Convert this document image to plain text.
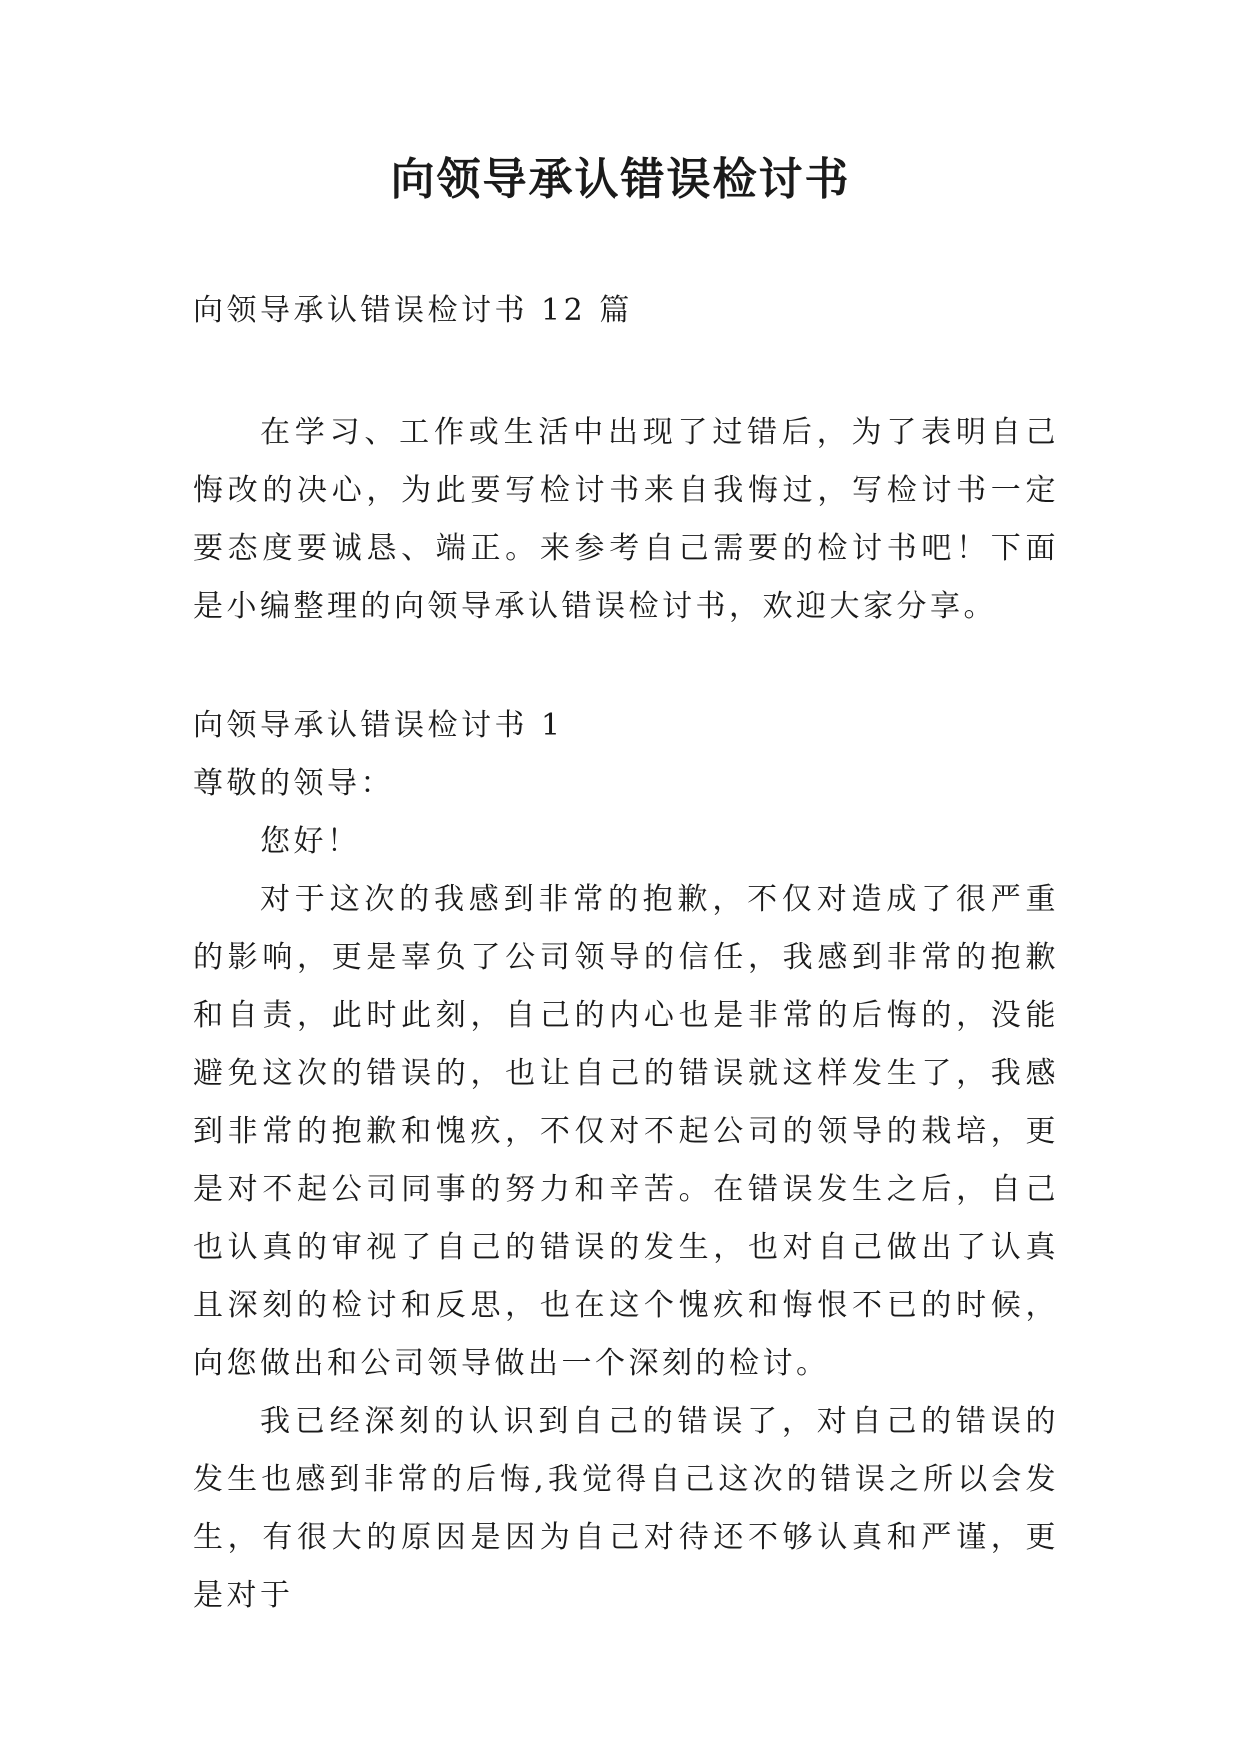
向领导承认错误检讨书

向领导承认错误检讨书 12 篇

在学习、工作或生活中出现了过错后，为了表明自己悔改的决心，为此要写检讨书来自我悔过，写检讨书一定要态度要诚恳、端正。来参考自己需要的检讨书吧！下面是小编整理的向领导承认错误检讨书，欢迎大家分享。

向领导承认错误检讨书 1

尊敬的领导：

您好！

对于这次的我感到非常的抱歉，不仅对造成了很严重的影响，更是辜负了公司领导的信任，我感到非常的抱歉和自责，此时此刻，自己的内心也是非常的后悔的，没能避免这次的错误的，也让自己的错误就这样发生了，我感到非常的抱歉和愧疚，不仅对不起公司的领导的栽培，更是对不起公司同事的努力和辛苦。在错误发生之后，自己也认真的审视了自己的错误的发生，也对自己做出了认真且深刻的检讨和反思，也在这个愧疚和悔恨不已的时候，向您做出和公司领导做出一个深刻的检讨。

我已经深刻的认识到自己的错误了，对自己的错误的发生也感到非常的后悔,我觉得自己这次的错误之所以会发生，有很大的原因是因为自己对待还不够认真和严谨，更是对于
